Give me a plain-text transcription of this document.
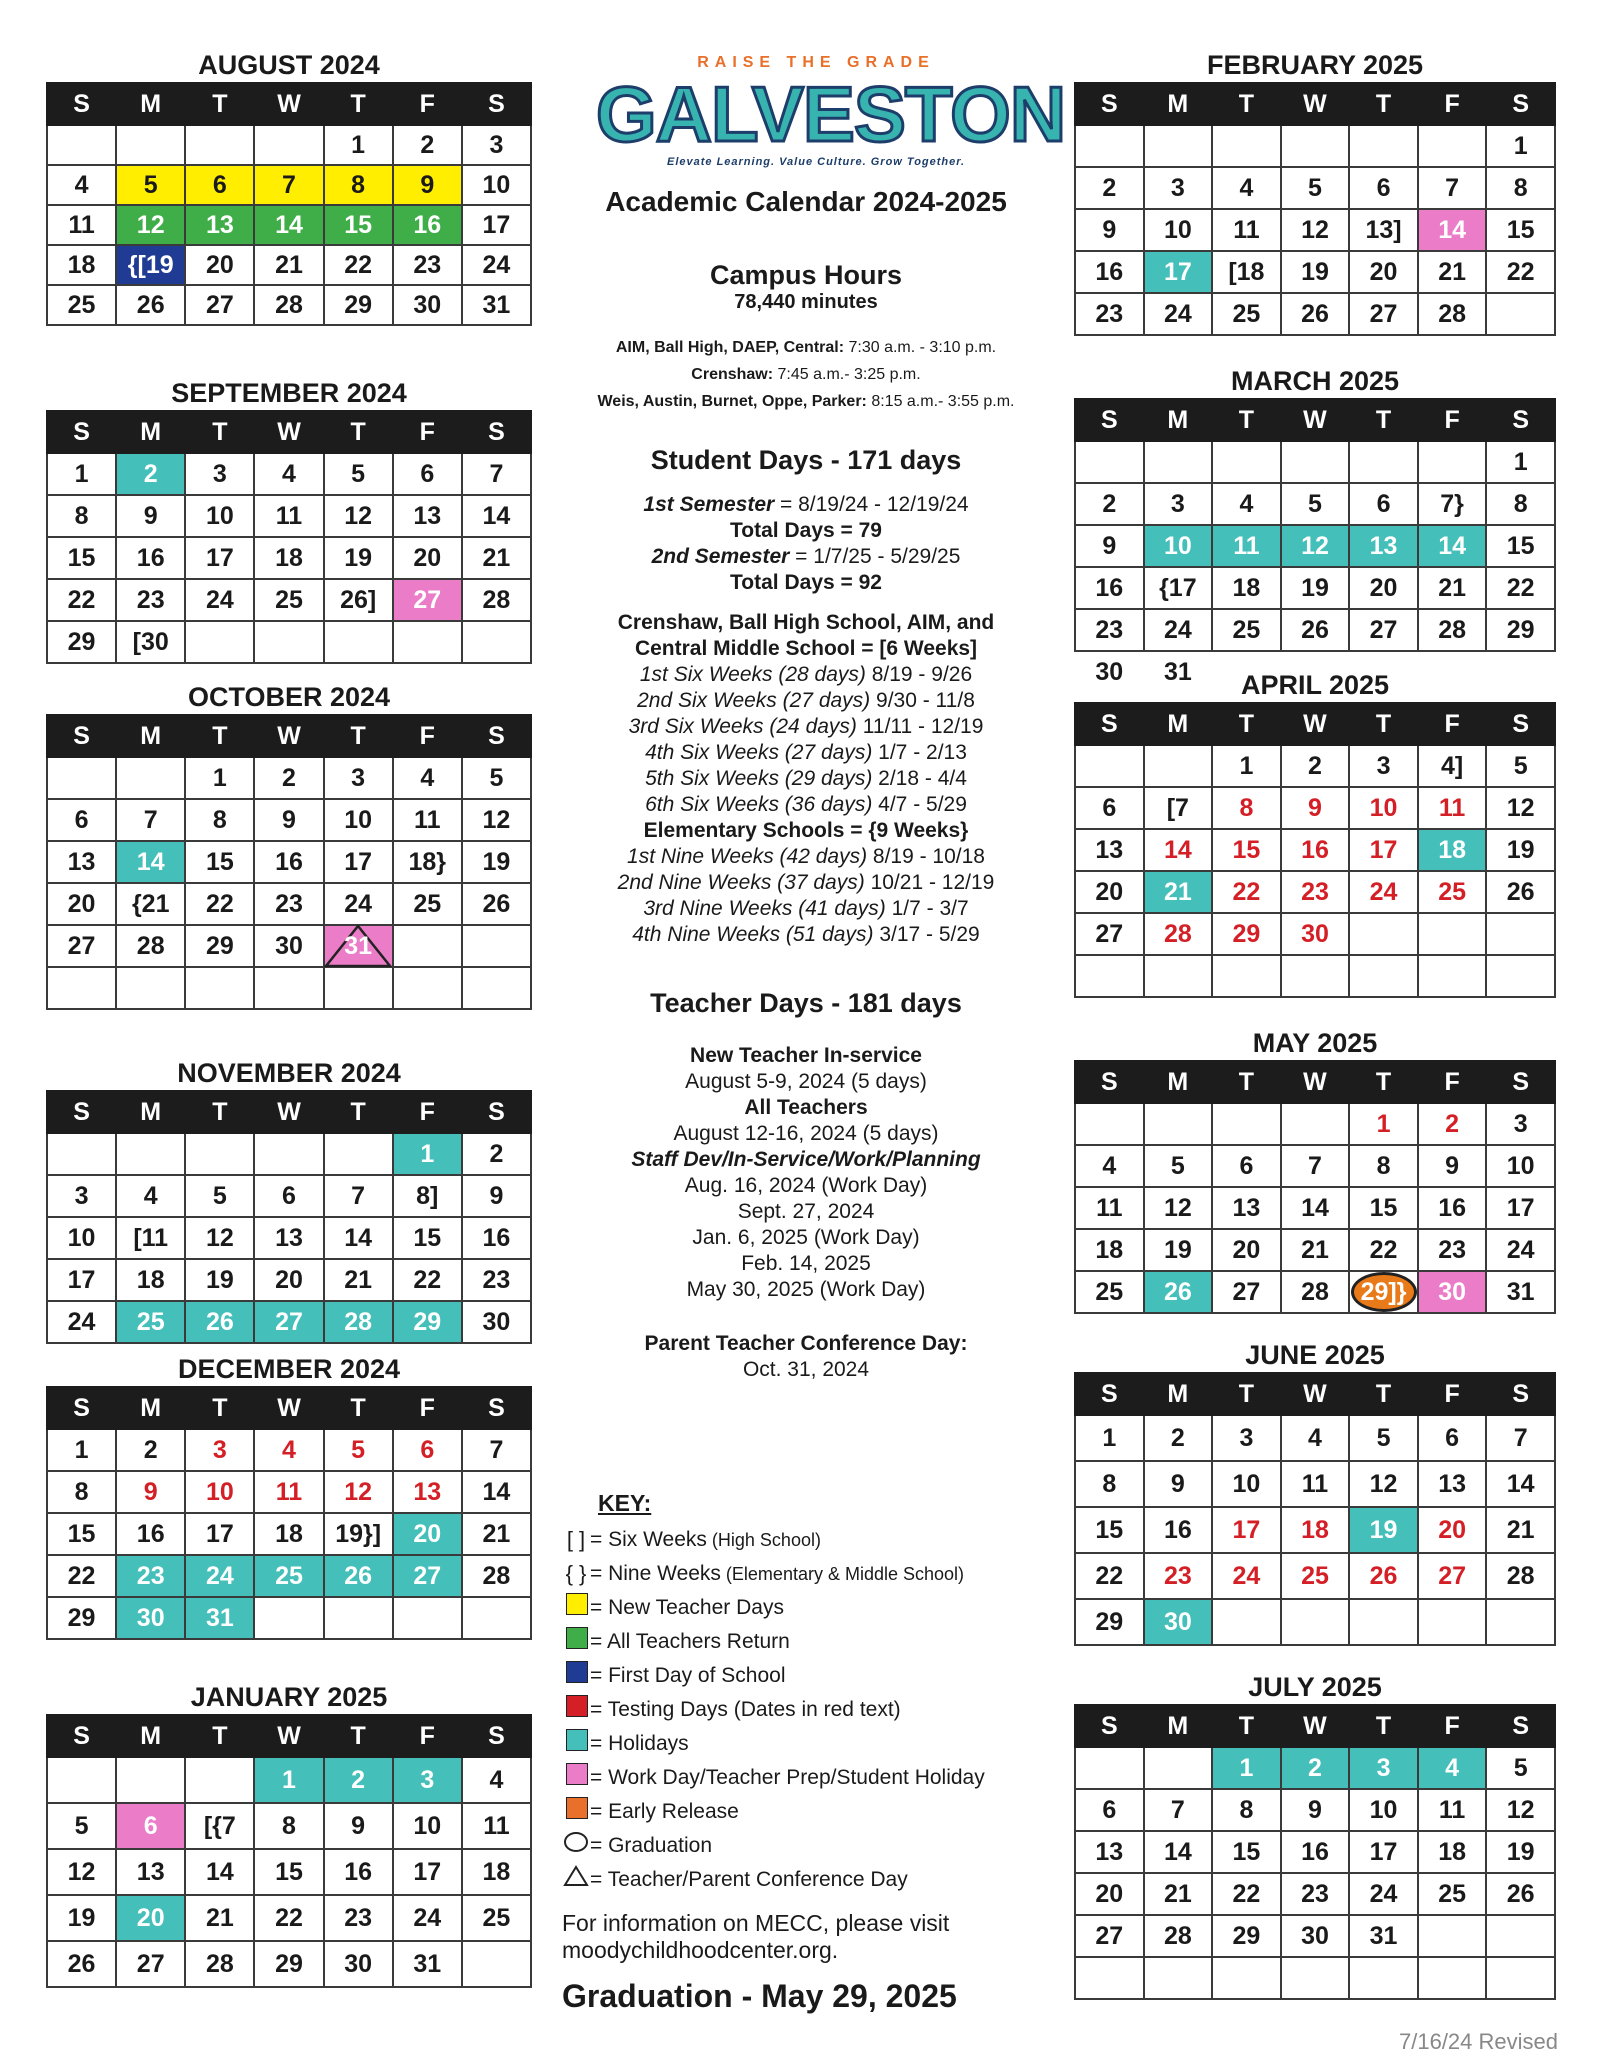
AUGUST 2024
S	M	T	W	T	F	S
				1	2	3
4	5	6	7	8	9	10
11	12	13	14	15	16	17
18	{[19	20	21	22	23	24
25	26	27	28	29	30	31
SEPTEMBER 2024
S	M	T	W	T	F	S
1	2	3	4	5	6	7
8	9	10	11	12	13	14
15	16	17	18	19	20	21
22	23	24	25	26]	27	28
29	[30					
OCTOBER 2024
S	M	T	W	T	F	S
		1	2	3	4	5
6	7	8	9	10	11	12
13	14	15	16	17	18}	19
20	{21	22	23	24	25	26
27	28	29	30	31

NOVEMBER 2024
S	M	T	W	T	F	S
					1	2
3	4	5	6	7	8]	9
10	[11	12	13	14	15	16
17	18	19	20	21	22	23
24	25	26	27	28	29	30
DECEMBER 2024
S	M	T	W	T	F	S
1	2	3	4	5	6	7
8	9	10	11	12	13	14
15	16	17	18	19}]	20	21
22	23	24	25	26	27	28
29	30	31				
JANUARY 2025
S	M	T	W	T	F	S
			1	2	3	4
5	6	[{7	8	9	10	11
12	13	14	15	16	17	18
19	20	21	22	23	24	25
26	27	28	29	30	31	
FEBRUARY 2025
S	M	T	W	T	F	S
						1
2	3	4	5	6	7	8
9	10	11	12	13]	14	15
16	17	[18	19	20	21	22
23	24	25	26	27	28	
MARCH 2025
S	M	T	W	T	F	S
						1
2	3	4	5	6	7}	8
9	10	11	12	13	14	15
16	{17	18	19	20	21	22
23	24	25	26	27	28	29
30	31						APRIL 2025
S	M	T	W	T	F	S
		1	2	3	4]	5
6	[7	8	9	10	11	12
13	14	15	16	17	18	19
20	21	22	23	24	25	26
27	28	29	30			

MAY 2025
S	M	T	W	T	F	S
				1	2	3
4	5	6	7	8	9	10
11	12	13	14	15	16	17
18	19	20	21	22	23	24
25	26	27	28	29]}	30	31
JUNE 2025
S	M	T	W	T	F	S
1	2	3	4	5	6	7
8	9	10	11	12	13	14
15	16	17	18	19	20	21
22	23	24	25	26	27	28
29	30					
JULY 2025
S	M	T	W	T	F	S
		1	2	3	4	5
6	7	8	9	10	11	12
13	14	15	16	17	18	19
20	21	22	23	24	25	26
27	28	29	30	31		

RAISE THE GRADE
GALVESTON
Elevate Learning. Value Culture. Grow Together.
Academic Calendar 2024-2025
Campus Hours
78,440 minutes
AIM, Ball High, DAEP, Central: 7:30 a.m. - 3:10 p.m.
Crenshaw: 7:45 a.m.- 3:25 p.m.
Weis, Austin, Burnet, Oppe, Parker: 8:15 a.m.- 3:55 p.m.
Student Days - 171 days
1st Semester = 8/19/24 - 12/19/24
Total Days = 79
2nd Semester = 1/7/25 - 5/29/25
Total Days = 92
Crenshaw, Ball High School, AIM, and
Central Middle School = [6 Weeks]
1st Six Weeks (28 days) 8/19 - 9/26
2nd Six Weeks (27 days) 9/30 - 11/8
3rd Six Weeks (24 days) 11/11 - 12/19
4th Six Weeks (27 days) 1/7 - 2/13
5th Six Weeks (29 days) 2/18 - 4/4
6th Six Weeks (36 days) 4/7 - 5/29
Elementary Schools = {9 Weeks}
1st Nine Weeks (42 days) 8/19 - 10/18
2nd Nine Weeks (37 days) 10/21 - 12/19
3rd Nine Weeks (41 days) 1/7 - 3/7
4th Nine Weeks (51 days) 3/17 - 5/29
Teacher Days - 181 days
New Teacher In-service
August 5-9, 2024 (5 days)
All Teachers
August 12-16, 2024 (5 days)
Staff Dev/In-Service/Work/Planning
Aug. 16, 2024 (Work Day)
Sept. 27, 2024
Jan. 6, 2025 (Work Day)
Feb. 14, 2025
May 30, 2025 (Work Day)
Parent Teacher Conference Day:
Oct. 31, 2024
KEY:
[ ] = Six Weeks (High School)
{ } = Nine Weeks (Elementary & Middle School)
= New Teacher Days
= All Teachers Return
= First Day of School
= Testing Days (Dates in red text)
= Holidays
= Work Day/Teacher Prep/Student Holiday
= Early Release
= Graduation
= Teacher/Parent Conference Day
For information on MECC, please visit moodychildhoodcenter.org.
Graduation - May 29, 2025
7/16/24 Revised
